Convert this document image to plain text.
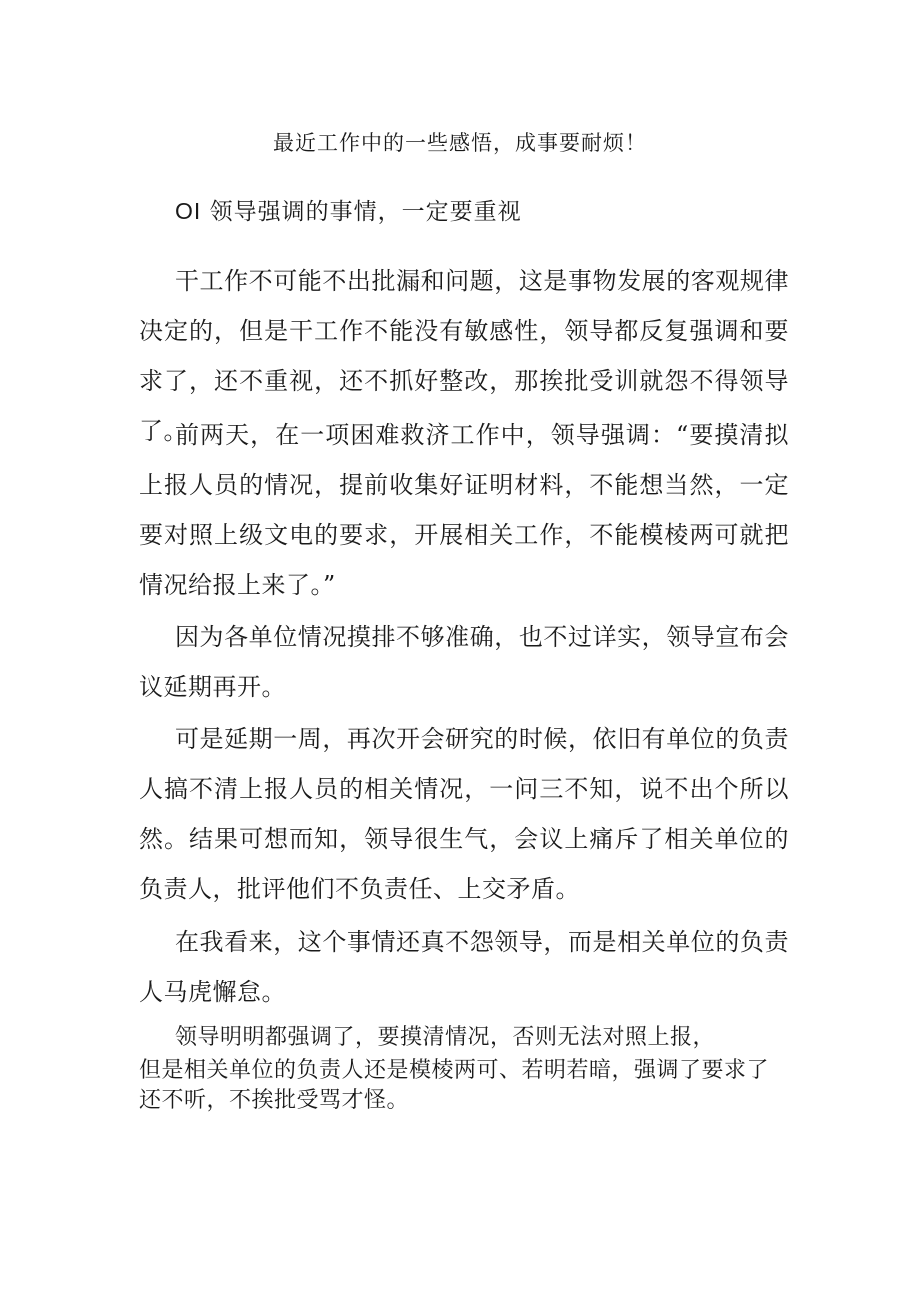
最近工作中的一些感悟，成事要耐烦！
OI 领导强调的事情，一定要重视

干工作不可能不出批漏和问题，这是事物发展的客观规律决定的，但是干工作不能没有敏感性，领导都反复强调和要求了，还不重视，还不抓好整改，那挨批受训就怨不得领导了。

前两天，在一项困难救济工作中，领导强调：“要摸清拟上报人员的情况，提前收集好证明材料，不能想当然，一定要对照上级文电的要求，开展相关工作，不能模棱两可就把情况给报上来了。”

因为各单位情况摸排不够准确，也不过详实，领导宣布会议延期再开。

可是延期一周，再次开会研究的时候，依旧有单位的负责人搞不清上报人员的相关情况，一问三不知，说不出个所以然。结果可想而知，领导很生气，会议上痛斥了相关单位的负责人，批评他们不负责任、上交矛盾。

在我看来，这个事情还真不怨领导，而是相关单位的负责人马虎懈怠。

领导明明都强调了，要摸清情况，否则无法对照上报，
但是相关单位的负责人还是模棱两可、若明若暗，强调了要求了还不听，不挨批受骂才怪。
